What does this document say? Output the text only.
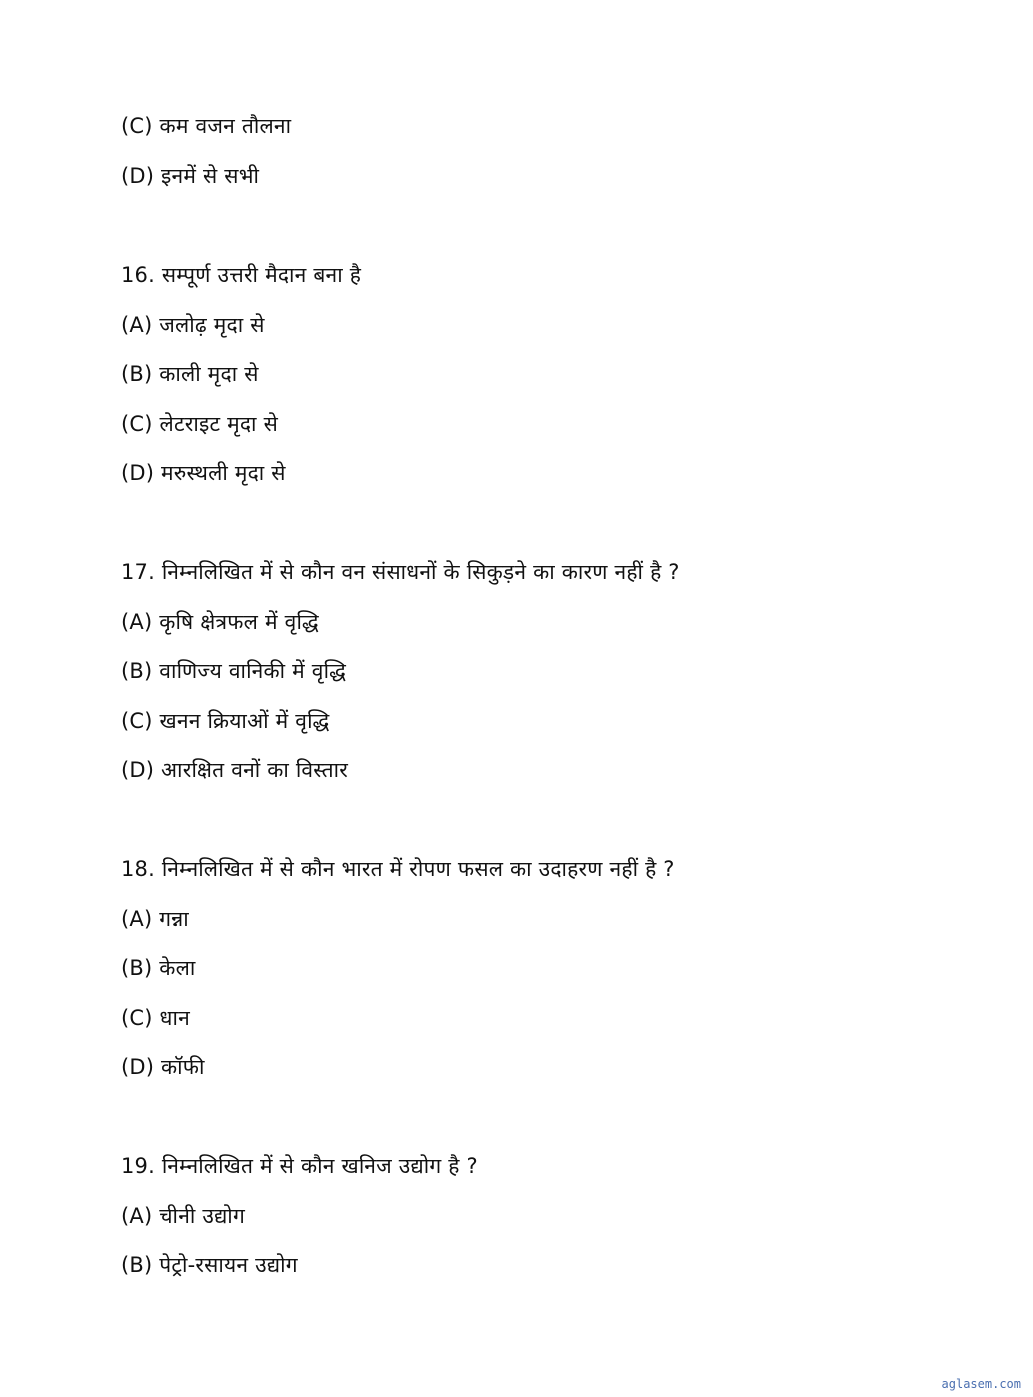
(C) कम वजन तौलना
(D) इनमें से सभी
16. सम्पूर्ण उत्तरी मैदान बना है
(A) जलोढ़ मृदा से
(B) काली मृदा से
(C) लेटराइट मृदा से
(D) मरुस्थली मृदा से
17. निम्नलिखित में से कौन वन संसाधनों के सिकुड़ने का कारण नहीं है ?
(A) कृषि क्षेत्रफल में वृद्धि
(B) वाणिज्य वानिकी में वृद्धि
(C) खनन क्रियाओं में वृद्धि
(D) आरक्षित वनों का विस्तार
18. निम्नलिखित में से कौन भारत में रोपण फसल का उदाहरण नहीं है ?
(A) गन्ना
(B) केला
(C) धान
(D) कॉफी
19. निम्नलिखित में से कौन खनिज उद्योग है ?
(A) चीनी उद्योग
(B) पेट्रो-रसायन उद्योग
aglasem.com
